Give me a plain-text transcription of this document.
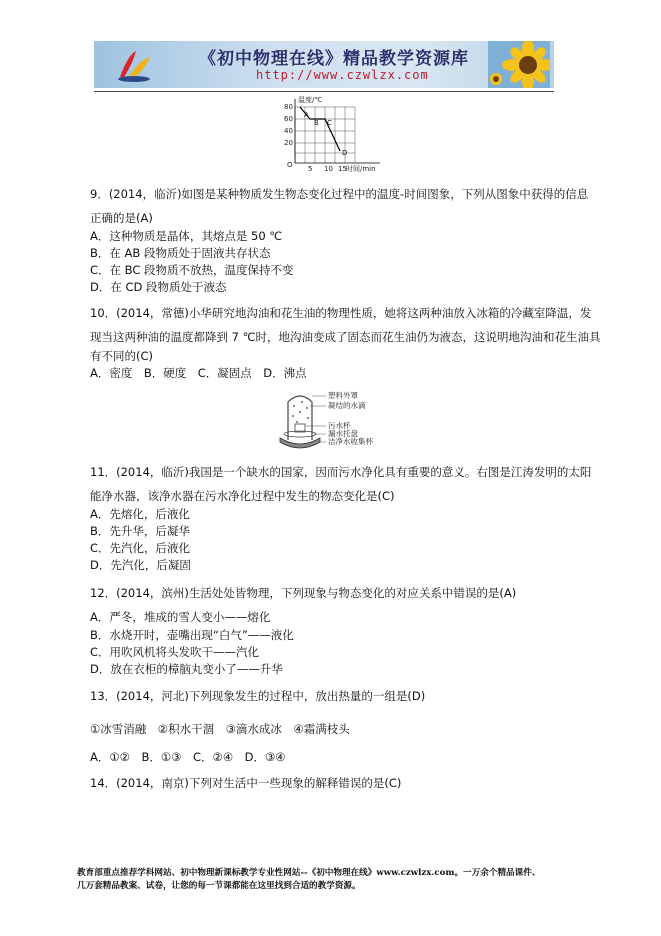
《初中物理在线》精品教学资源库
http://www.czwlzx.com
温度/℃
时间/min
80
60
40
20
O 5 10 15
A
B C
D
9．(2014，临沂)如图是某种物质发生物态变化过程中的温度-时间图象，下列从图象中获得的信息
正确的是(A)
A．这种物质是晶体，其熔点是 50 ℃
B．在 AB 段物质处于固液共存状态
C．在 BC 段物质不放热，温度保持不变
D．在 CD 段物质处于液态
10．(2014，常德)小华研究地沟油和花生油的物理性质，她将这两种油放入冰箱的冷藏室降温，发
现当这两种油的温度都降到 7 ℃时，地沟油变成了固态而花生油仍为液态，这说明地沟油和花生油具
有不同的(C)
A．密度　B．硬度　C．凝固点　D．沸点
塑料外罩
凝结的水滴
污水杯
漏水托盘
洁净水收集杯
11．(2014，临沂)我国是一个缺水的国家，因而污水净化具有重要的意义。右图是江涛发明的太阳
能净水器，该净水器在污水净化过程中发生的物态变化是(C)
A．先熔化，后液化
B．先升华，后凝华
C．先汽化，后液化
D．先汽化，后凝固
12．(2014，滨州)生活处处皆物理，下列现象与物态变化的对应关系中错误的是(A)
A．严冬，堆成的雪人变小——熔化
B．水烧开时，壶嘴出现“白气”——液化
C．用吹风机将头发吹干——汽化
D．放在衣柜的樟脑丸变小了——升华
13．(2014，河北)下列现象发生的过程中，放出热量的一组是(D)
①冰雪消融　②积水干涸　③滴水成冰　④霜满枝头
A．①②　B．①③　C．②④　D．③④
14．(2014，南京)下列对生活中一些现象的解释错误的是(C)
教育部重点推荐学科网站、初中物理新课标教学专业性网站--《初中物理在线》www.czwlzx.com。一万余个精品课件、
几万套精品教案、试卷，让您的每一节课都能在这里找到合适的教学资源。
